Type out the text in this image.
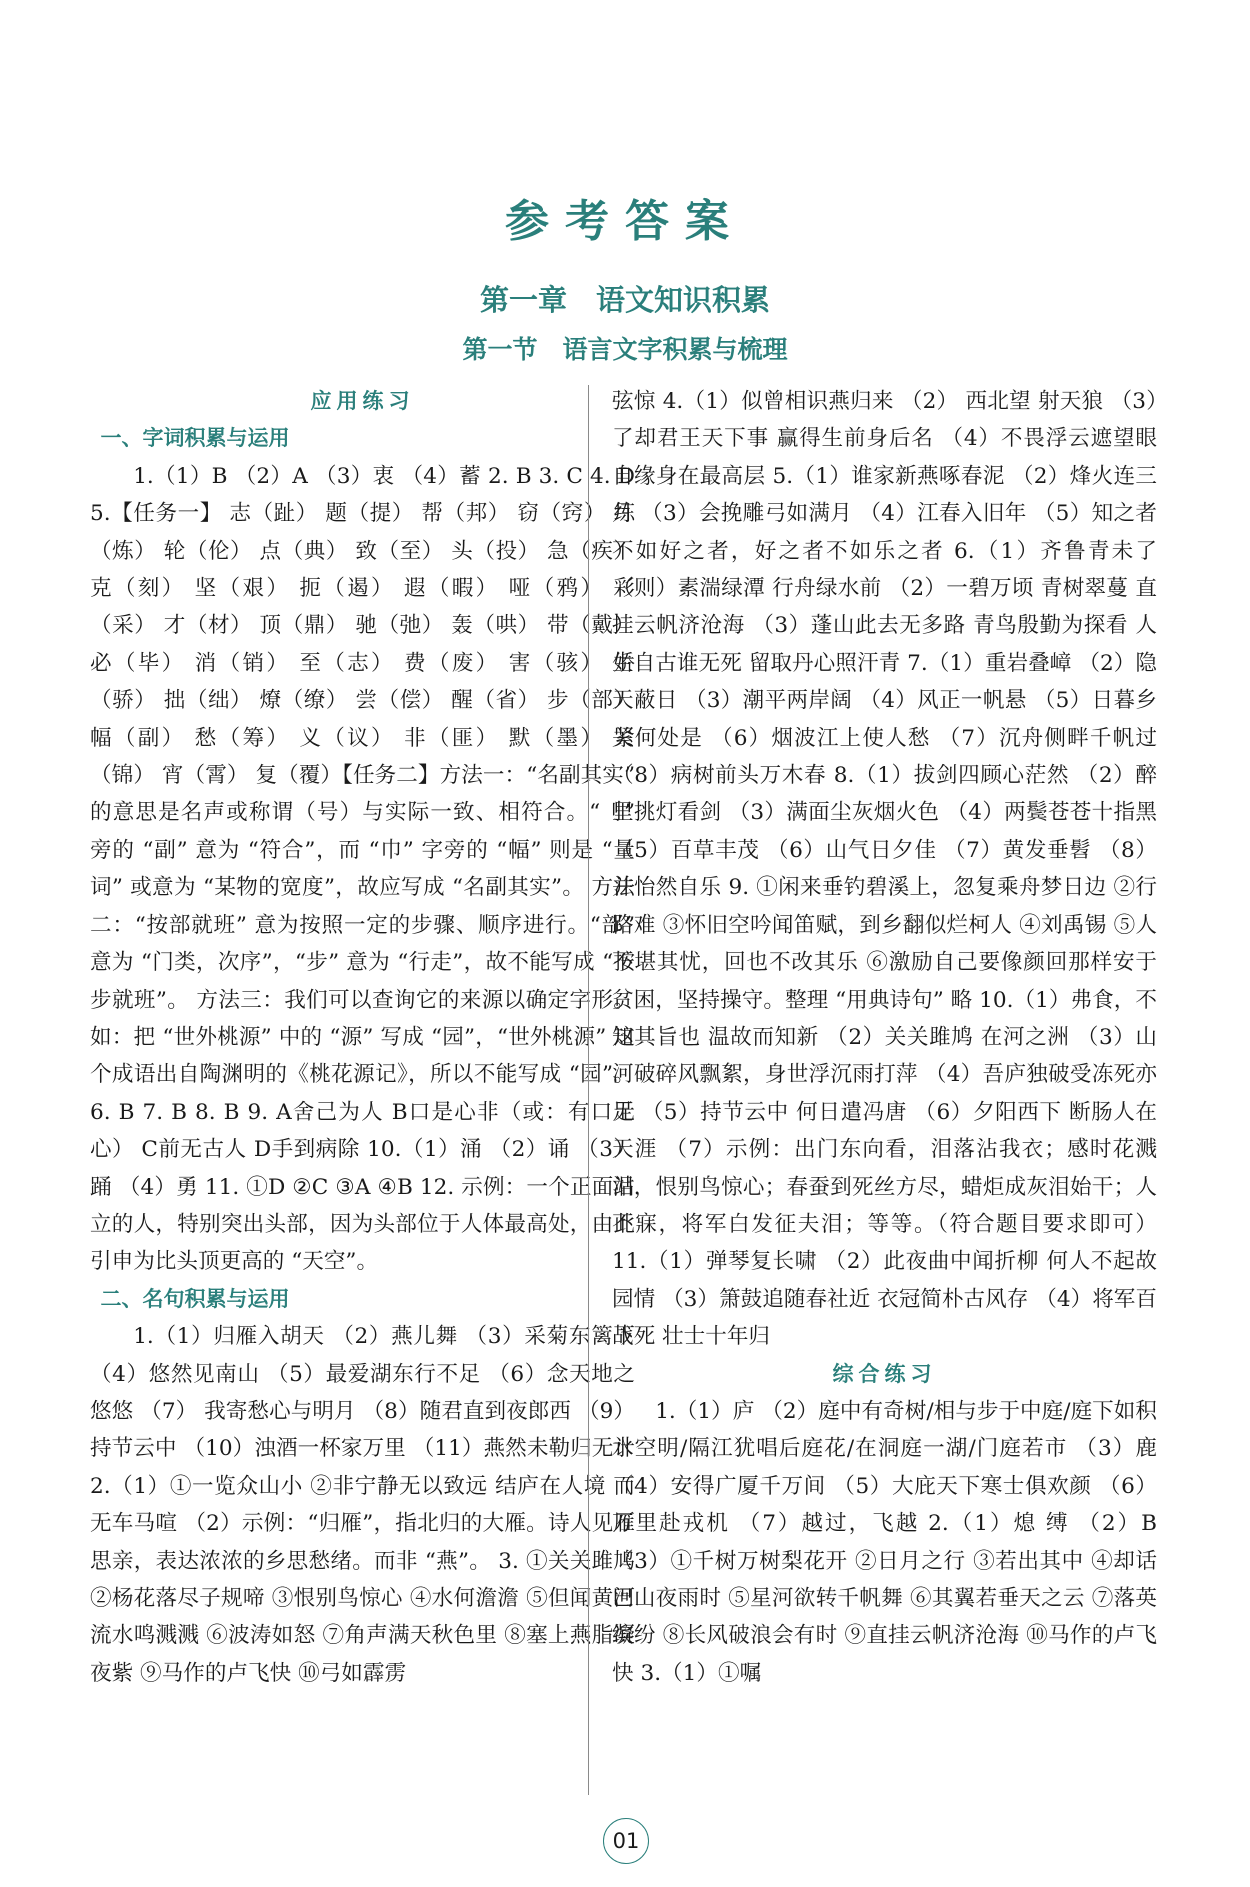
参考答案
第一章　语文知识积累
第一节　语言文字积累与梳理
应用练习
一、字词积累与运用

1.（1）B （2）A （3）衷 （4）蓄 2. B 3. C 4. D 5.【任务一】 志（趾） 题（提） 帮（邦） 窃（窍） 练（炼） 轮（伦） 点（典） 致（至） 头（投） 急（疾） 克（刻） 坚（艰） 扼（遏） 遐（暇） 哑（鸦） 彩（采） 才（材） 顶（鼎） 驰（弛） 轰（哄） 带（戴） 必（毕） 消（销） 至（志） 费（废） 害（骇） 娇（骄） 拙（绌） 燎（缭） 尝（偿） 醒（省） 步（部） 幅（副） 愁（筹） 义（议） 非（匪） 默（墨） 紧（锦） 宵（霄） 复（覆）【任务二】方法一：“名副其实” 的意思是名声或称谓（号）与实际一致、相符合。“刂” 旁的 “副” 意为 “符合”，而 “巾” 字旁的 “幅” 则是 “量词” 或意为 “某物的宽度”，故应写成 “名副其实”。 方法二：“按部就班” 意为按照一定的步骤、顺序进行。“部” 意为 “门类，次序”，“步” 意为 “行走”，故不能写成 “按步就班”。 方法三：我们可以查询它的来源以确定字形。如：把 “世外桃源” 中的 “源” 写成 “园”，“世外桃源” 这个成语出自陶渊明的《桃花源记》，所以不能写成 “园”。 6. B 7. B 8. B 9. A舍己为人 B口是心非（或：有口无心） C前无古人 D手到病除 10.（1）涌 （2）诵 （3）踊 （4）勇 11. ①D ②C ③A ④B 12. 示例：一个正面站立的人，特别突出头部，因为头部位于人体最高处，由此引申为比头顶更高的 “天空”。

二、名句积累与运用

1.（1）归雁入胡天 （2）燕儿舞 （3）采菊东篱下 （4）悠然见南山 （5）最爱湖东行不足 （6）念天地之悠悠 （7） 我寄愁心与明月 （8）随君直到夜郎西 （9）持节云中 （10）浊酒一杯家万里 （11）燕然未勒归无计 2.（1）①一览众山小 ②非宁静无以致远 结庐在人境 而无车马喧 （2）示例：“归雁”，指北归的大雁。诗人见雁思亲，表达浓浓的乡思愁绪。而非 “燕”。 3. ①关关雎鸠 ②杨花落尽子规啼 ③恨别鸟惊心 ④水何澹澹 ⑤但闻黄河流水鸣溅溅 ⑥波涛如怒 ⑦角声满天秋色里 ⑧塞上燕脂凝夜紫 ⑨马作的卢飞快 ⑩弓如霹雳

弦惊 4.（1）似曾相识燕归来 （2） 西北望 射天狼 （3）了却君王天下事 赢得生前身后名 （4）不畏浮云遮望眼 自缘身在最高层 5.（1）谁家新燕啄春泥 （2）烽火连三月 （3）会挽雕弓如满月 （4）江春入旧年 （5）知之者不如好之者，好之者不如乐之者 6.（1）齐鲁青未了 （则）素湍绿潭 行舟绿水前 （2）一碧万顷 青树翠蔓 直挂云帆济沧海 （3）蓬山此去无多路 青鸟殷勤为探看 人生自古谁无死 留取丹心照汗青 7.（1）重岩叠嶂 （2）隐天蔽日 （3）潮平两岸阔 （4）风正一帆悬 （5）日暮乡关何处是 （6）烟波江上使人愁 （7）沉舟侧畔千帆过 （8）病树前头万木春 8.（1）拔剑四顾心茫然 （2）醉里挑灯看剑 （3）满面尘灰烟火色 （4）两鬓苍苍十指黑 （5）百草丰茂 （6）山气日夕佳 （7）黄发垂髫 （8）并怡然自乐 9. ①闲来垂钓碧溪上，忽复乘舟梦日边 ②行路难 ③怀旧空吟闻笛赋，到乡翻似烂柯人 ④刘禹锡 ⑤人不堪其忧，回也不改其乐 ⑥激励自己要像颜回那样安于贫困，坚持操守。整理 “用典诗句” 略 10.（1）弗食，不知其旨也 温故而知新 （2）关关雎鸠 在河之洲 （3）山河破碎风飘絮，身世浮沉雨打萍 （4）吾庐独破受冻死亦足 （5）持节云中 何日遣冯唐 （6）夕阳西下 断肠人在天涯 （7）示例：出门东向看，泪落沾我衣；感时花溅泪，恨别鸟惊心；春蚕到死丝方尽，蜡炬成灰泪始干；人不寐，将军白发征夫泪；等等。（符合题目要求即可） 11.（1）弹琴复长啸 （2）此夜曲中闻折柳 何人不起故园情 （3）箫鼓追随春社近 衣冠简朴古风存 （4）将军百战死 壮士十年归

综合练习

1.（1）庐 （2）庭中有奇树/相与步于中庭/庭下如积水空明/隔江犹唱后庭花/在洞庭一湖/门庭若市 （3）鹿 （4）安得广厦千万间 （5）大庇天下寒士俱欢颜 （6）万里赴戎机 （7）越过，飞越 2.（1）熄 缚 （2）B （3）①千树万树梨花开 ②日月之行 ③若出其中 ④却话巴山夜雨时 ⑤星河欲转千帆舞 ⑥其翼若垂天之云 ⑦落英缤纷 ⑧长风破浪会有时 ⑨直挂云帆济沧海 ⑩马作的卢飞快 3.（1）①嘱

01
